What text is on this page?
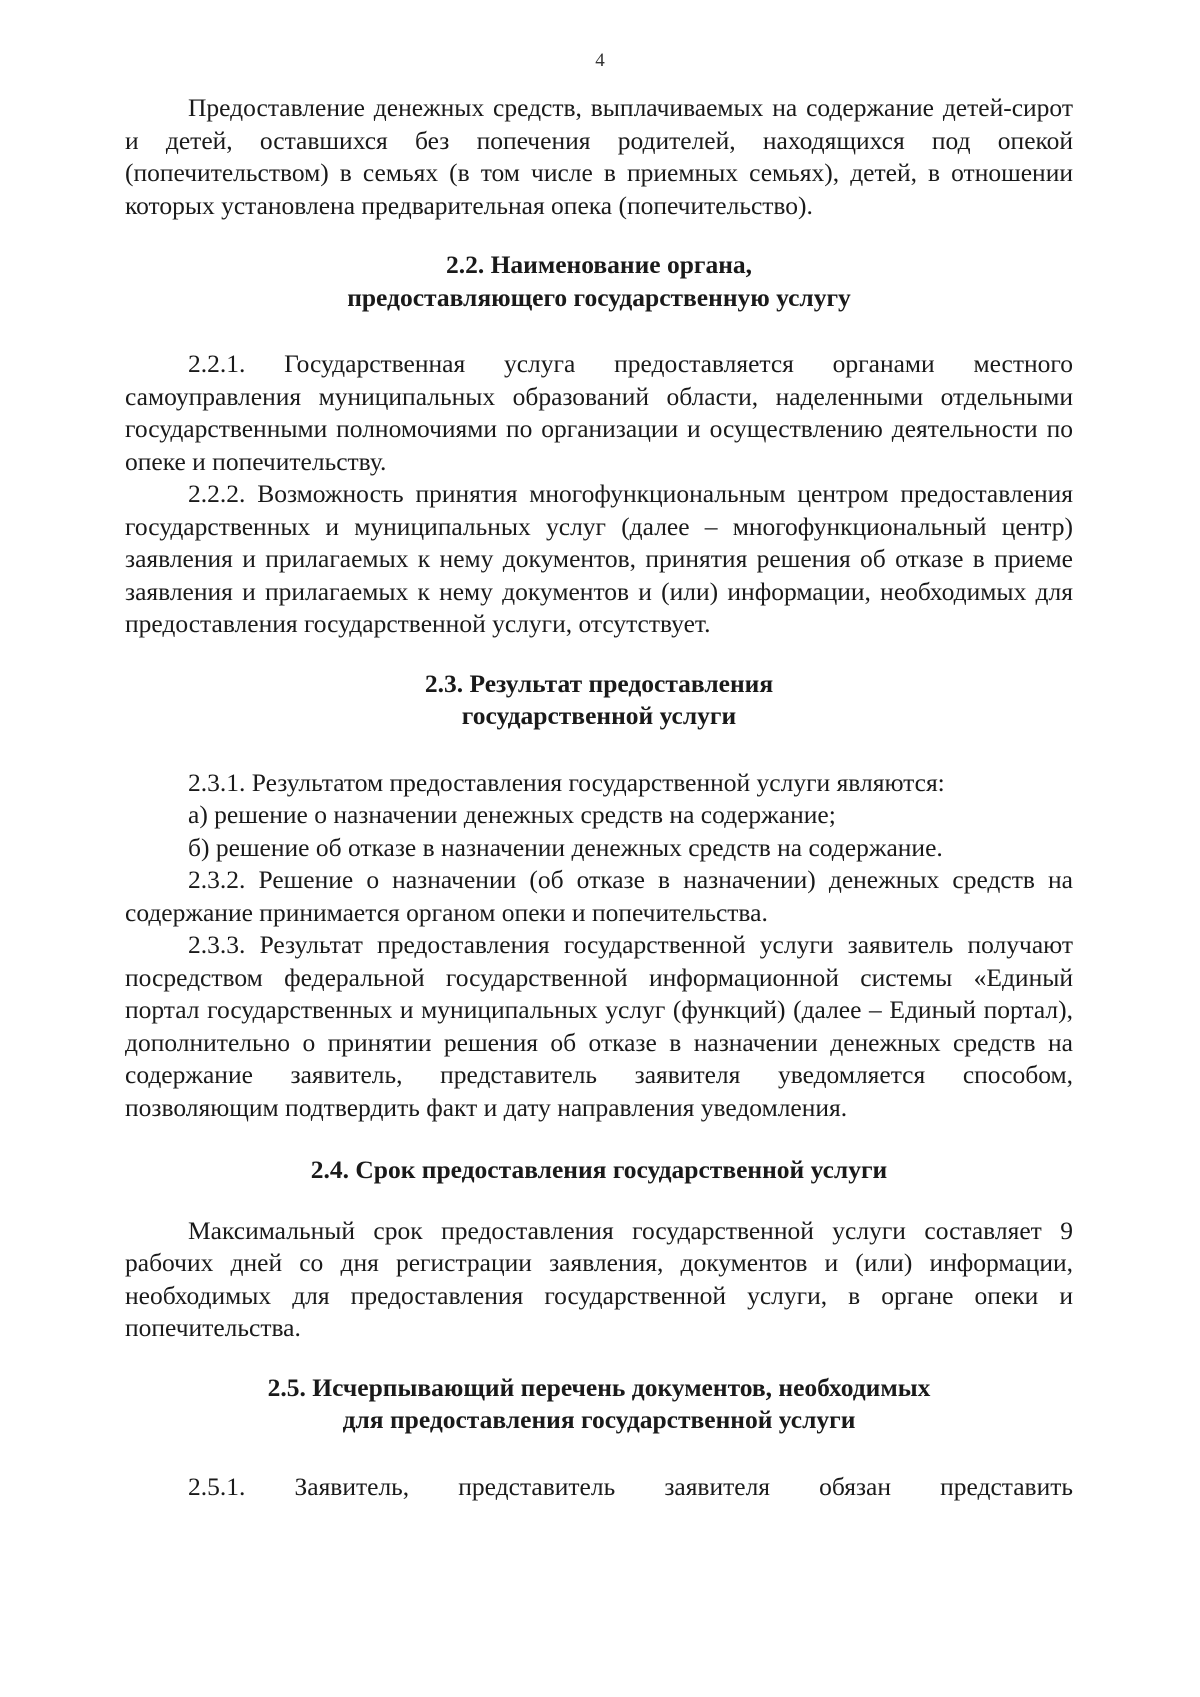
4

Предоставление денежных средств, выплачиваемых на содержание детей-сирот и детей, оставшихся без попечения родителей, находящихся под опекой (попечительством) в семьях (в том числе в приемных семьях), детей, в отношении которых установлена предварительная опека (попечительство).

2.2. Наименование органа,
предоставляющего государственную услугу

2.2.1. Государственная услуга предоставляется органами местного самоуправления муниципальных образований области, наделенными отдельными государственными полномочиями по организации и осуществлению деятельности по опеке и попечительству.

2.2.2. Возможность принятия многофункциональным центром предоставления государственных и муниципальных услуг (далее – многофункциональный центр) заявления и прилагаемых к нему документов, принятия решения об отказе в приеме заявления и прилагаемых к нему документов и (или) информации, необходимых для предоставления государственной услуги, отсутствует.

2.3. Результат предоставления
государственной услуги

2.3.1. Результатом предоставления государственной услуги являются:

а) решение о назначении денежных средств на содержание;

б) решение об отказе в назначении денежных средств на содержание.

2.3.2. Решение о назначении (об отказе в назначении) денежных средств на содержание принимается органом опеки и попечительства.

2.3.3. Результат предоставления государственной услуги заявитель получают посредством федеральной государственной информационной системы «Единый портал государственных и муниципальных услуг (функций) (далее – Единый портал), дополнительно о принятии решения об отказе в назначении денежных средств на содержание заявитель, представитель заявителя уведомляется способом, позволяющим подтвердить факт и дату направления уведомления.

2.4. Срок предоставления государственной услуги

Максимальный срок предоставления государственной услуги составляет 9 рабочих дней со дня регистрации заявления, документов и (или) информации, необходимых для предоставления государственной услуги, в органе опеки и попечительства.

2.5. Исчерпывающий перечень документов, необходимых
для предоставления государственной услуги

2.5.1. Заявитель, представитель заявителя обязан представить
